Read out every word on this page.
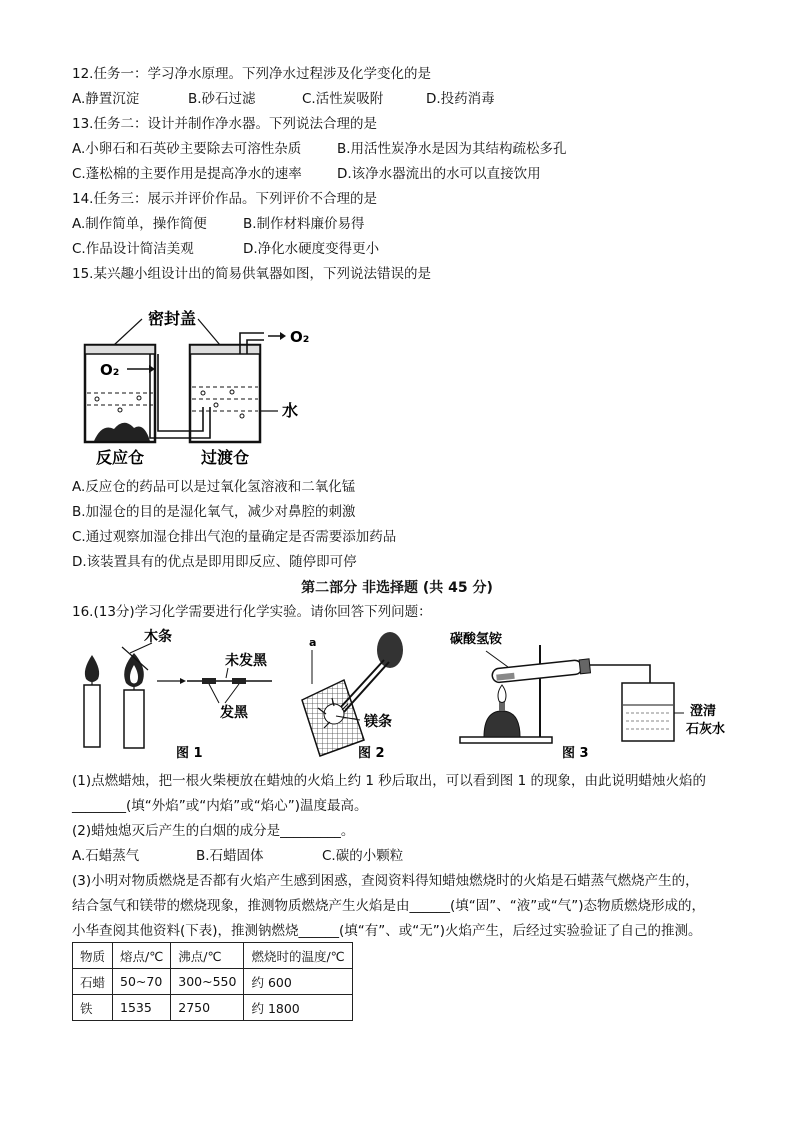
12.任务一：学习净水原理。下列净水过程涉及化学变化的是
A.静置沉淀	B.砂石过滤	C.活性炭吸附	D.投药消毒
13.任务二：设计并制作净水器。下列说法合理的是
A.小卵石和石英砂主要除去可溶性杂质	B.用活性炭净水是因为其结构疏松多孔
C.蓬松棉的主要作用是提高净水的速率	D.该净水器流出的水可以直接饮用
14.任务三：展示并评价作品。下列评价不合理的是
A.制作简单，操作简便	B.制作材料廉价易得
C.作品设计简洁美观	D.净化水硬度变得更小
15.某兴趣小组设计出的简易供氧器如图，下列说法错误的是
密封盖
O₂
O₂
水
反应仓	过渡仓
A.反应仓的药品可以是过氧化氢溶液和二氧化锰
B.加湿仓的目的是湿化氧气，减少对鼻腔的刺激
C.通过观察加湿仓排出气泡的量确定是否需要添加药品
D.该装置具有的优点是即用即反应、随停即可停
第二部分 非选择题 (共 45 分)
16.(13分)学习化学需要进行化学实验。请你回答下列问题：
木条
未发黑
发黑
图 1
a
镁条
图 2
碳酸氢铵
澄清
石灰水
图 3
(1)点燃蜡烛，把一根火柴梗放在蜡烛的火焰上约 1 秒后取出，可以看到图 1 的现象，由此说明蜡烛火焰的
________(填“外焰”或“内焰”或“焰心”)温度最高。
(2)蜡烛熄灭后产生的白烟的成分是_________。
A.石蜡蒸气	B.石蜡固体	C.碳的小颗粒
(3)小明对物质燃烧是否都有火焰产生感到困惑，查阅资料得知蜡烛燃烧时的火焰是石蜡蒸气燃烧产生的，
结合氢气和镁带的燃烧现象，推测物质燃烧产生火焰是由______(填“固”、“液”或“气”)态物质燃烧形成的，
小华查阅其他资料(下表)，推测钠燃烧______(填“有”、或“无”)火焰产生，后经过实验验证了自己的推测。
物质	熔点/℃	沸点/℃	燃烧时的温度/℃
石蜡	50~70	300~550	约 600
铁	1535	2750	约 1800
